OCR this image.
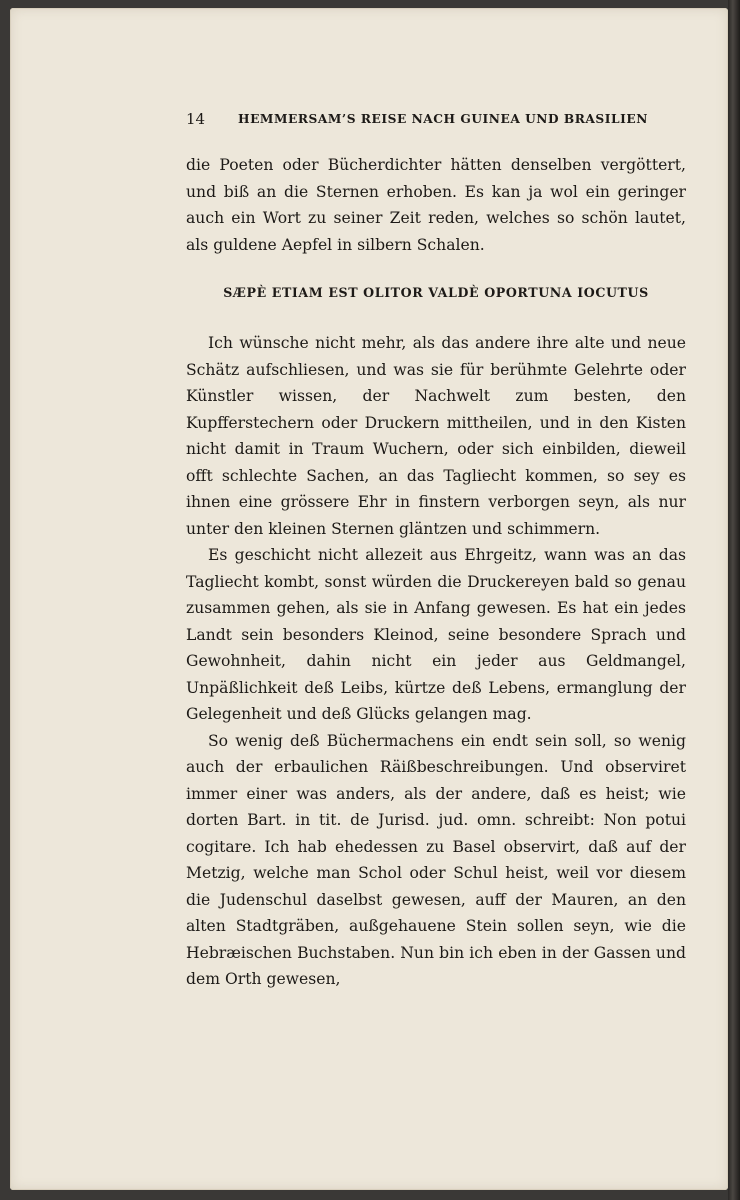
14	HEMMERSAM’S REISE NACH GUINEA UND BRASILIEN

die Poeten oder Bücherdichter hätten denselben vergöttert, und biß an die Sternen erhoben. Es kan ja wol ein geringer auch ein Wort zu seiner Zeit reden, welches so schön lautet, als guldene Aepfel in silbern Schalen.

SÆPÈ ETIAM EST OLITOR VALDÈ OPORTUNA IOCUTUS

Ich wünsche nicht mehr, als das andere ihre alte und neue Schätz aufschliesen, und was sie für berühmte Gelehrte oder Künstler wissen, der Nachwelt zum besten, den Kupfferstechern oder Druckern mittheilen, und in den Kisten nicht damit in Traum Wuchern, oder sich einbilden, dieweil offt schlechte Sachen, an das Tagliecht kommen, so sey es ihnen eine grössere Ehr in finstern verborgen seyn, als nur unter den kleinen Sternen gläntzen und schimmern.

Es geschicht nicht allezeit aus Ehrgeitz, wann was an das Tagliecht kombt, sonst würden die Druckereyen bald so genau zusammen gehen, als sie in Anfang gewesen. Es hat ein jedes Landt sein besonders Kleinod, seine besondere Sprach und Gewohnheit, dahin nicht ein jeder aus Geldmangel, Unpäßlichkeit deß Leibs, kürtze deß Lebens, ermanglung der Gelegenheit und deß Glücks gelangen mag.

So wenig deß Büchermachens ein endt sein soll, so wenig auch der erbaulichen Räißbeschreibungen. Und observiret immer einer was anders, als der andere, daß es heist; wie dorten Bart. in tit. de Jurisd. jud. omn. schreibt: Non potui cogitare. Ich hab ehedessen zu Basel observirt, daß auf der Metzig, welche man Schol oder Schul heist, weil vor diesem die Judenschul daselbst gewesen, auff der Mauren, an den alten Stadtgräben, außgehauene Stein sollen seyn, wie die Hebræischen Buchstaben. Nun bin ich eben in der Gassen und dem Orth gewesen,
